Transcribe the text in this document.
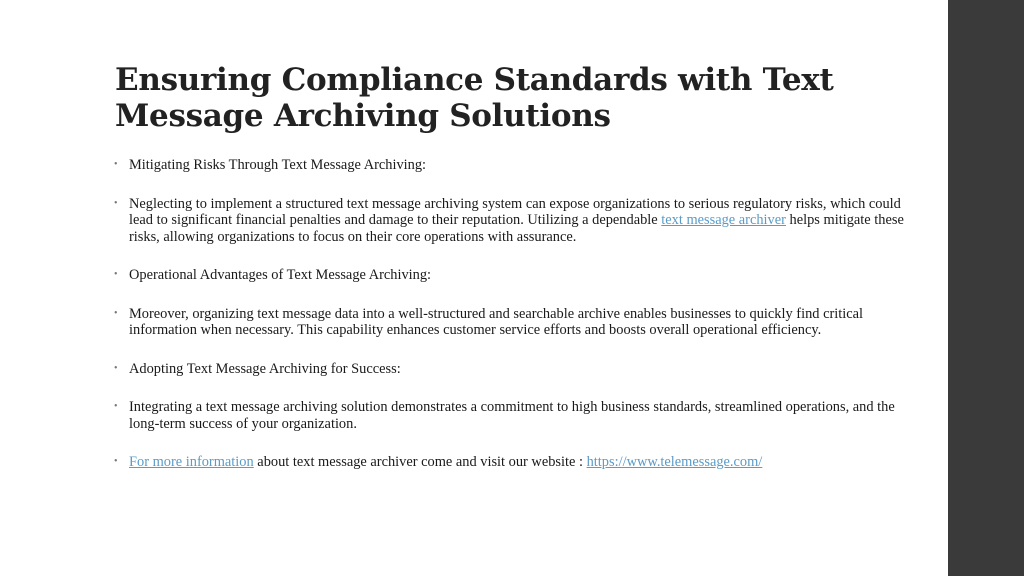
Ensuring Compliance Standards with Text Message Archiving Solutions
• Mitigating Risks Through Text Message Archiving:
• Neglecting to implement a structured text message archiving system can expose organizations to serious regulatory risks, which could lead to significant financial penalties and damage to their reputation. Utilizing a dependable text message archiver helps mitigate these risks, allowing organizations to focus on their core operations with assurance.
• Operational Advantages of Text Message Archiving:
• Moreover, organizing text message data into a well-structured and searchable archive enables businesses to quickly find critical information when necessary. This capability enhances customer service efforts and boosts overall operational efficiency.
• Adopting Text Message Archiving for Success:
• Integrating a text message archiving solution demonstrates a commitment to high business standards, streamlined operations, and the long-term success of your organization.
• For more information about text message archiver come and visit our website : https://www.telemessage.com/
